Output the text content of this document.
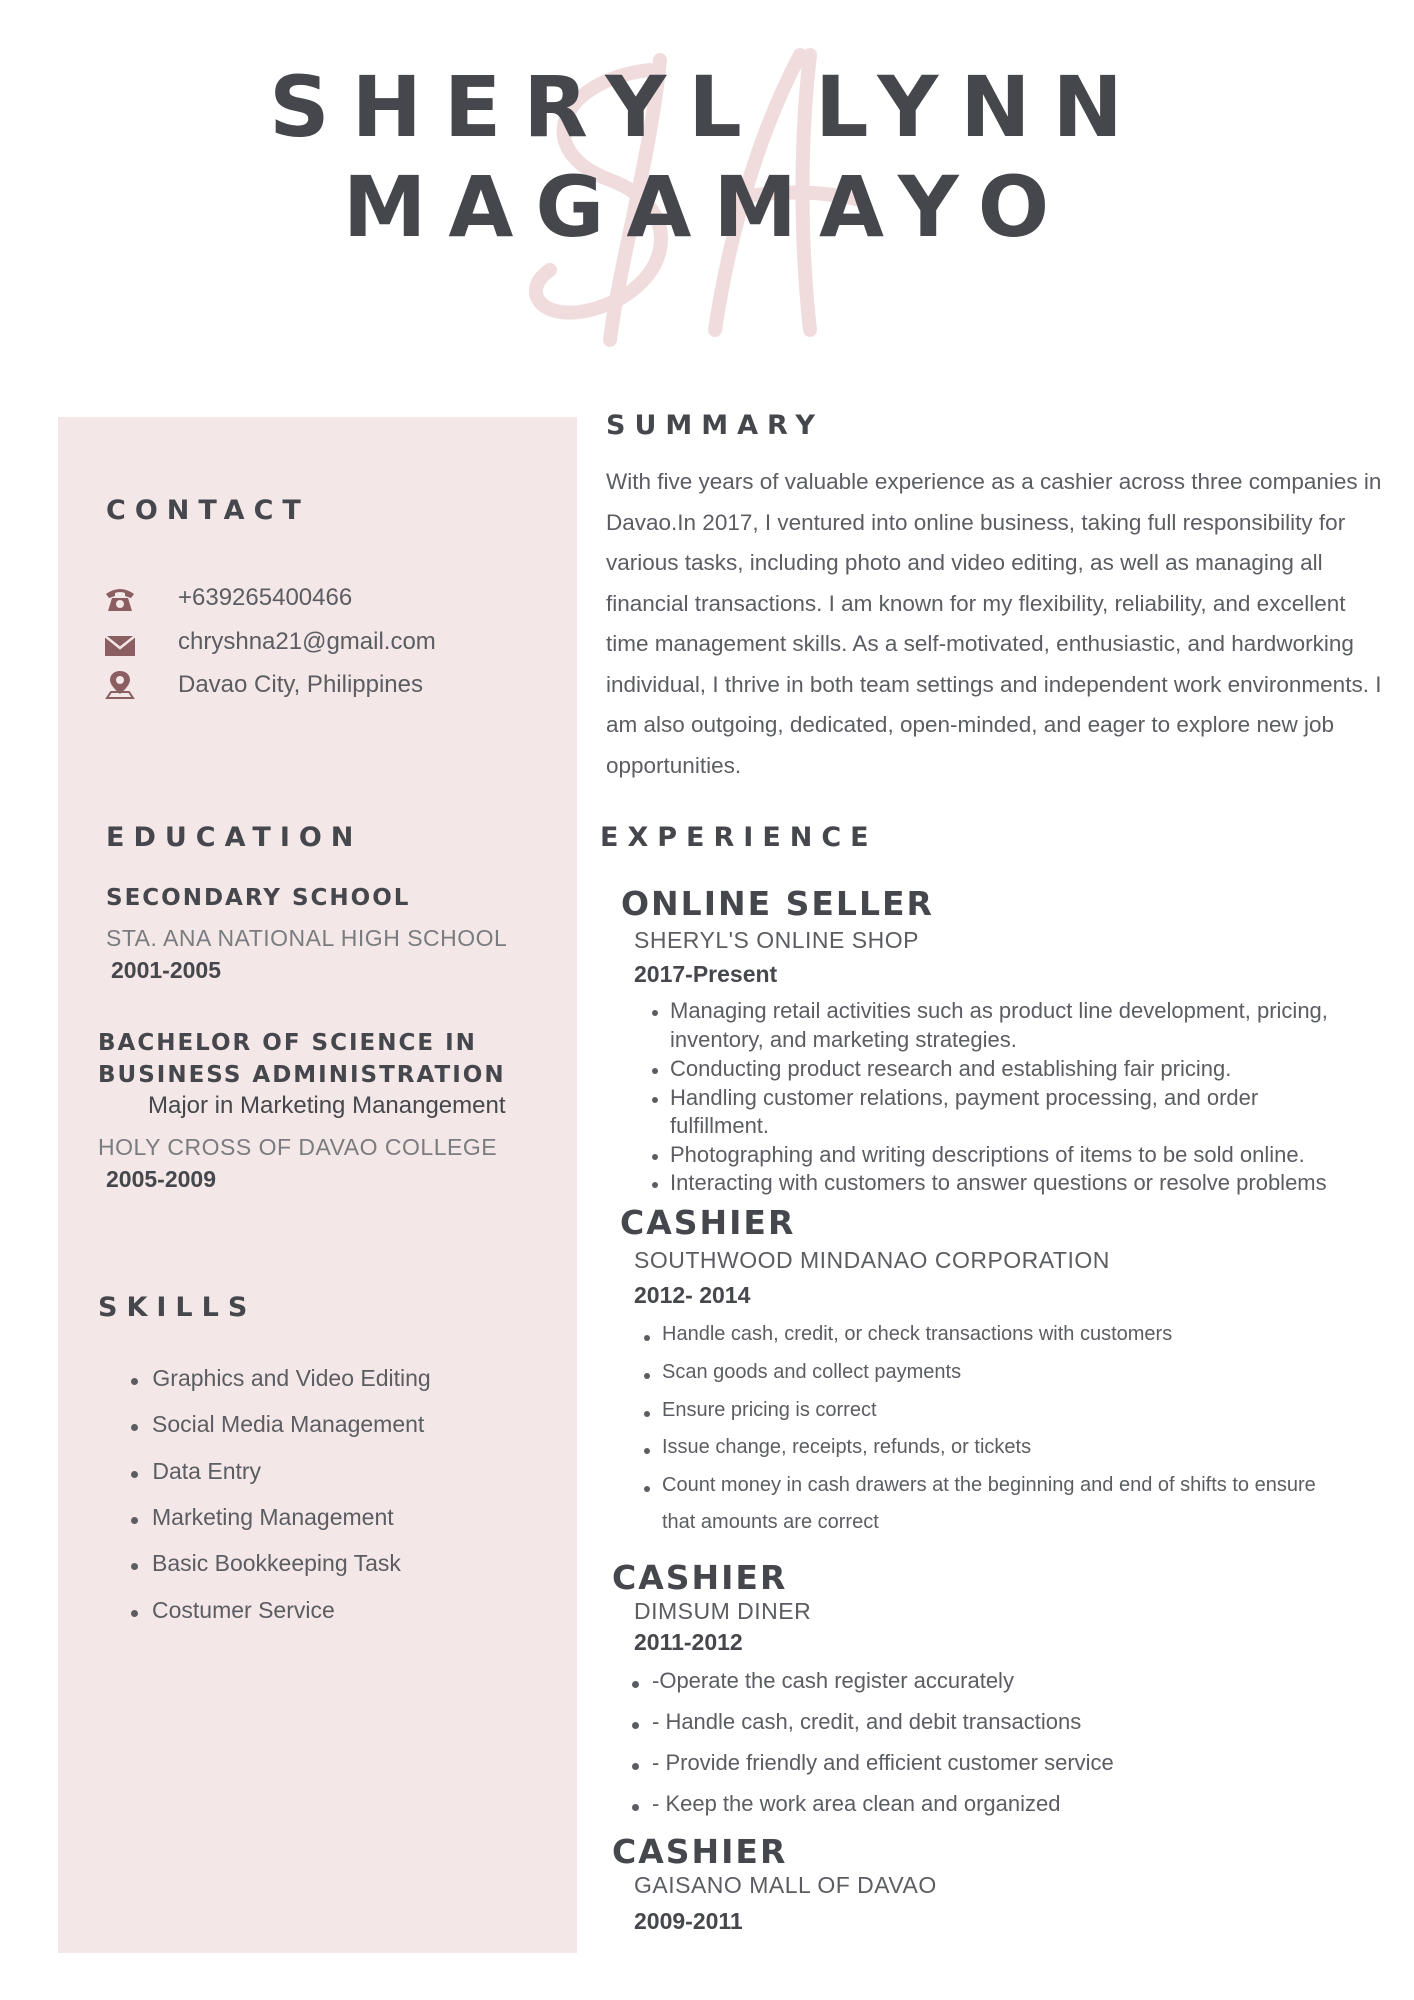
SHERYL LYNN
MAGAMAYO
CONTACT
+639265400466
chryshna21@gmail.com
Davao City, Philippines
EDUCATION
SECONDARY SCHOOL
STA. ANA NATIONAL HIGH SCHOOL
2001-2005
BACHELOR OF SCIENCE IN
BUSINESS ADMINISTRATION
Major in Marketing Manangement
HOLY CROSS OF DAVAO COLLEGE
2005-2009
SKILLS
Graphics and Video Editing
Social Media Management
Data Entry
Marketing Management
Basic Bookkeeping Task
Costumer Service
SUMMARY
With five years of valuable experience as a cashier across three companies in Davao.In 2017, I ventured into online business, taking full responsibility for various tasks, including photo and video editing, as well as managing all financial transactions. I am known for my flexibility, reliability, and excellent time management skills. As a self-motivated, enthusiastic, and hardworking individual, I thrive in both team settings and independent work environments. I am also outgoing, dedicated, open-minded, and eager to explore new job opportunities.
EXPERIENCE
ONLINE SELLER
SHERYL'S ONLINE SHOP
2017-Present
Managing retail activities such as product line development, pricing,
inventory, and marketing strategies.
Conducting product research and establishing fair pricing.
Handling customer relations, payment processing, and order
fulfillment.
Photographing and writing descriptions of items to be sold online.
Interacting with customers to answer questions or resolve problems
CASHIER
SOUTHWOOD MINDANAO CORPORATION
2012- 2014
Handle cash, credit, or check transactions with customers
Scan goods and collect payments
Ensure pricing is correct
Issue change, receipts, refunds, or tickets
Count money in cash drawers at the beginning and end of shifts to ensure
that amounts are correct
CASHIER
DIMSUM DINER
2011-2012
-Operate the cash register accurately
- Handle cash, credit, and debit transactions
- Provide friendly and efficient customer service
- Keep the work area clean and organized
CASHIER
GAISANO MALL OF DAVAO
2009-2011
